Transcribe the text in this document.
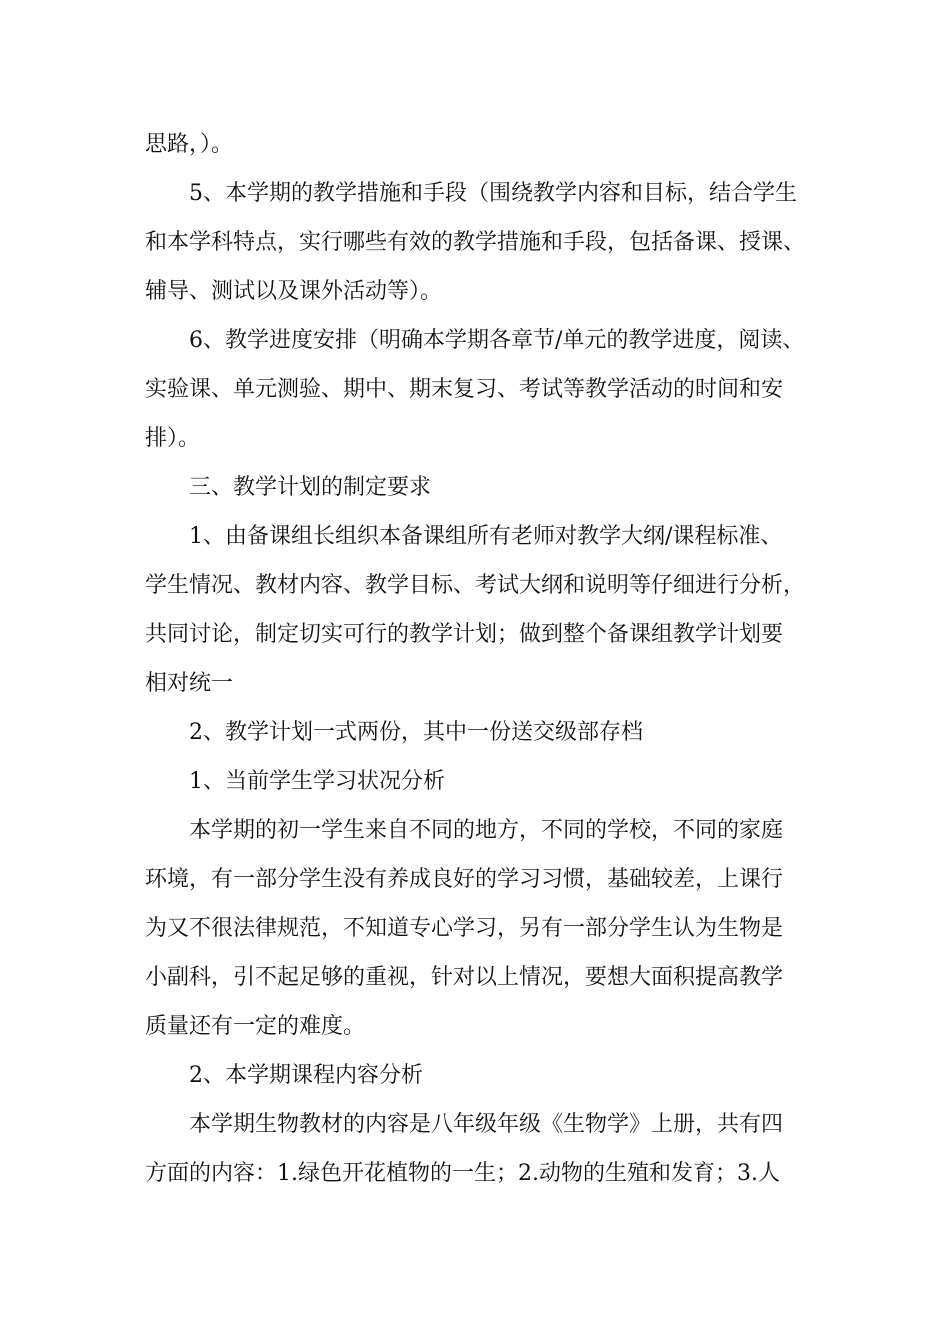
思路，）。
5、本学期的教学措施和手段（围绕教学内容和目标，结合学生
和本学科特点，实行哪些有效的教学措施和手段，包括备课、授课、
辅导、测试以及课外活动等）。
6、教学进度安排（明确本学期各章节/单元的教学进度，阅读、
实验课、单元测验、期中、期末复习、考试等教学活动的时间和安
排）。
三、教学计划的制定要求
1、由备课组长组织本备课组所有老师对教学大纲/课程标准、
学生情况、教材内容、教学目标、考试大纲和说明等仔细进行分析，
共同讨论，制定切实可行的教学计划；做到整个备课组教学计划要
相对统一
2、教学计划一式两份，其中一份送交级部存档
1、当前学生学习状况分析
本学期的初一学生来自不同的地方，不同的学校，不同的家庭
环境，有一部分学生没有养成良好的学习习惯，基础较差，上课行
为又不很法律规范，不知道专心学习，另有一部分学生认为生物是
小副科，引不起足够的重视，针对以上情况，要想大面积提高教学
质量还有一定的难度。
2、本学期课程内容分析
本学期生物教材的内容是八年级年级《生物学》上册，共有四
方面的内容：1.绿色开花植物的一生；2.动物的生殖和发育；3.人
